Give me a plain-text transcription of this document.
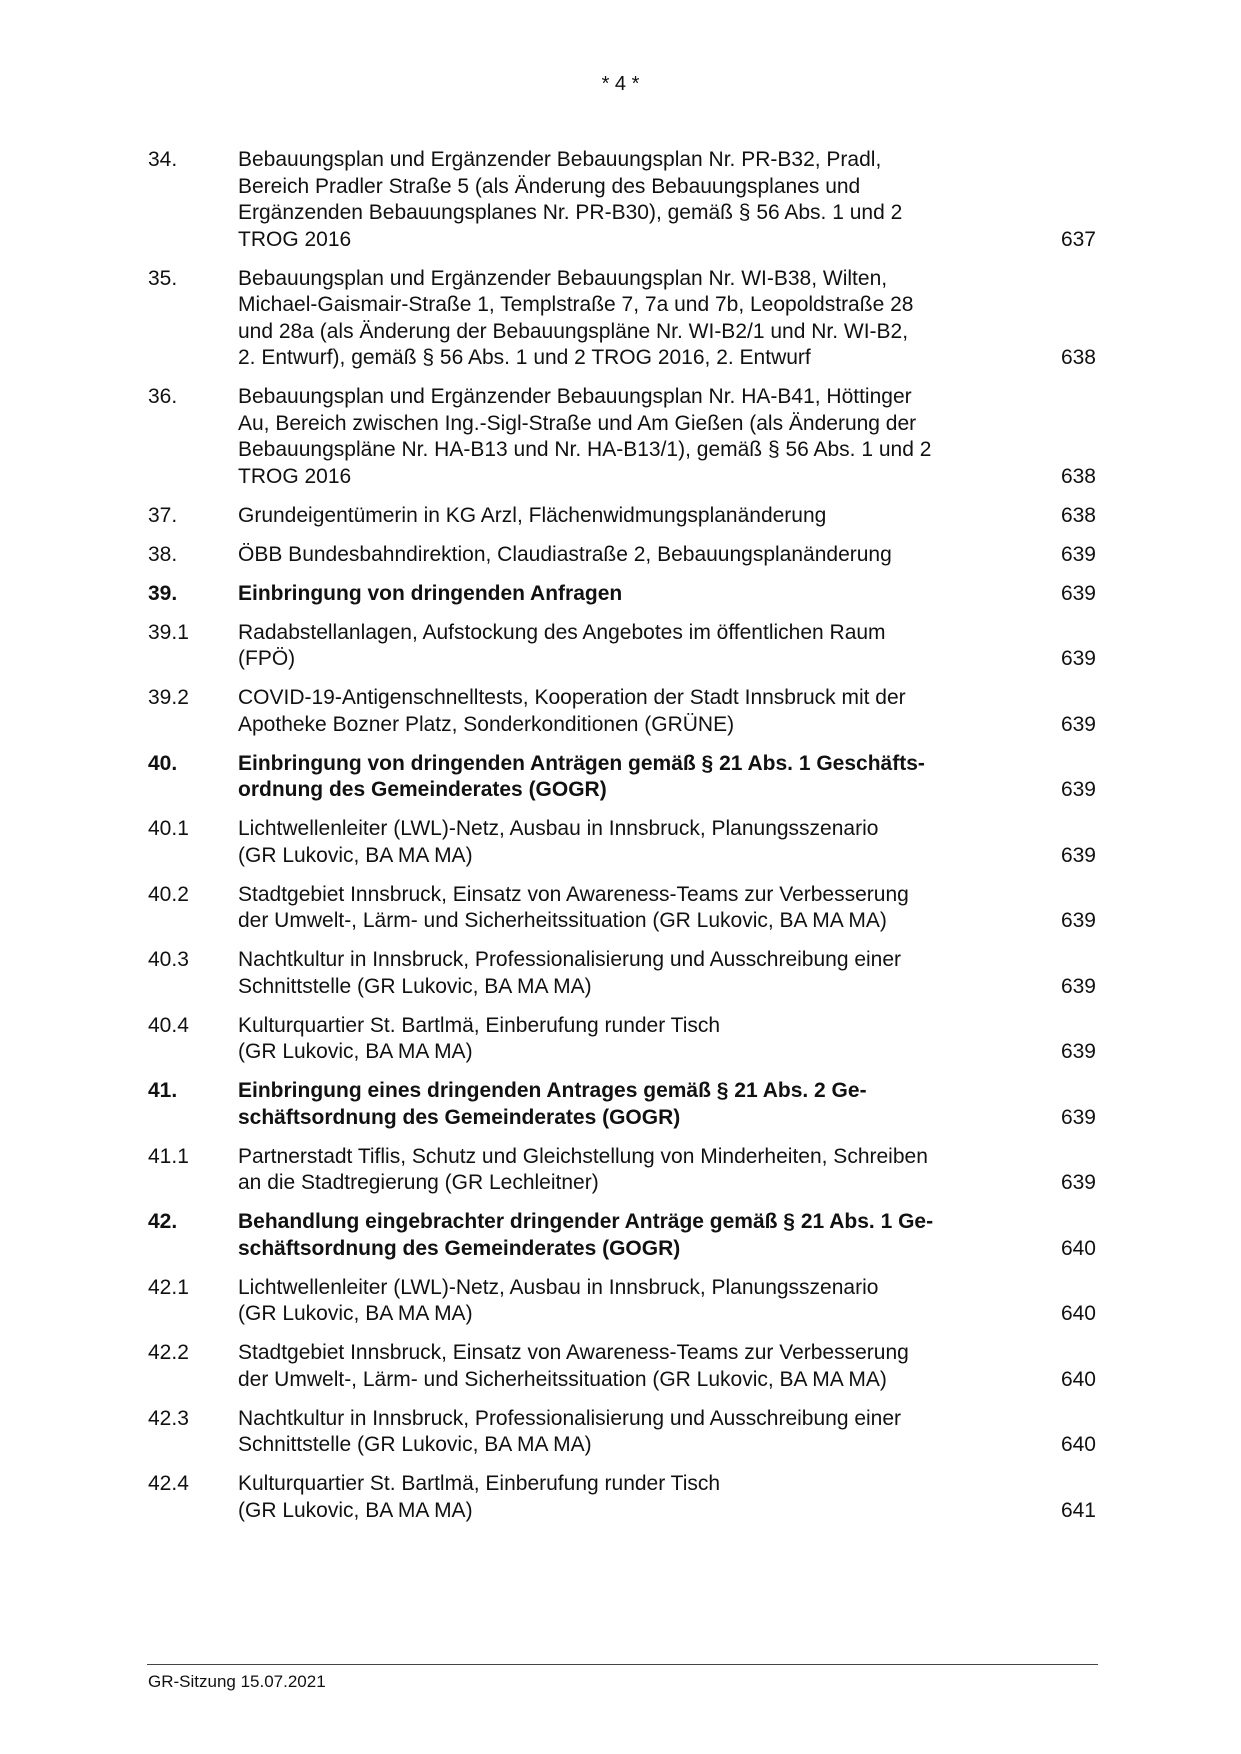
* 4 *
34.	Bebauungsplan und Ergänzender Bebauungsplan Nr. PR-B32, Pradl,
Bereich Pradler Straße 5 (als Änderung des Bebauungsplanes und
Ergänzenden Bebauungsplanes Nr. PR-B30), gemäß § 56 Abs. 1 und 2
TROG 2016	637
35.	Bebauungsplan und Ergänzender Bebauungsplan Nr. WI-B38, Wilten,
Michael-Gaismair-Straße 1, Templstraße 7, 7a und 7b, Leopoldstraße 28
und 28a (als Änderung der Bebauungspläne Nr. WI-B2/1 und Nr. WI-B2,
2. Entwurf), gemäß § 56 Abs. 1 und 2 TROG 2016, 2. Entwurf	638
36.	Bebauungsplan und Ergänzender Bebauungsplan Nr. HA-B41, Höttinger
Au, Bereich zwischen Ing.-Sigl-Straße und Am Gießen (als Änderung der
Bebauungspläne Nr. HA-B13 und Nr. HA-B13/1), gemäß § 56 Abs. 1 und 2
TROG 2016	638
37.	Grundeigentümerin in KG Arzl, Flächenwidmungsplanänderung	638
38.	ÖBB Bundesbahndirektion, Claudiastraße 2, Bebauungsplanänderung	639
39.	Einbringung von dringenden Anfragen	639
39.1	Radabstellanlagen, Aufstockung des Angebotes im öffentlichen Raum
(FPÖ)	639
39.2	COVID-19-Antigenschnelltests, Kooperation der Stadt Innsbruck mit der
Apotheke Bozner Platz, Sonderkonditionen (GRÜNE)	639
40.	Einbringung von dringenden Anträgen gemäß § 21 Abs. 1 Geschäfts-
ordnung des Gemeinderates (GOGR)	639
40.1	Lichtwellenleiter (LWL)-Netz, Ausbau in Innsbruck, Planungsszenario
(GR Lukovic, BA MA MA)	639
40.2	Stadtgebiet Innsbruck, Einsatz von Awareness-Teams zur Verbesserung
der Umwelt-, Lärm- und Sicherheitssituation (GR Lukovic, BA MA MA)	639
40.3	Nachtkultur in Innsbruck, Professionalisierung und Ausschreibung einer
Schnittstelle (GR Lukovic, BA MA MA)	639
40.4	Kulturquartier St. Bartlmä, Einberufung runder Tisch
(GR Lukovic, BA MA MA)	639
41.	Einbringung eines dringenden Antrages gemäß § 21 Abs. 2 Ge-
schäftsordnung des Gemeinderates (GOGR)	639
41.1	Partnerstadt Tiflis, Schutz und Gleichstellung von Minderheiten, Schreiben
an die Stadtregierung (GR Lechleitner)	639
42.	Behandlung eingebrachter dringender Anträge gemäß § 21 Abs. 1 Ge-
schäftsordnung des Gemeinderates (GOGR)	640
42.1	Lichtwellenleiter (LWL)-Netz, Ausbau in Innsbruck, Planungsszenario
(GR Lukovic, BA MA MA)	640
42.2	Stadtgebiet Innsbruck, Einsatz von Awareness-Teams zur Verbesserung
der Umwelt-, Lärm- und Sicherheitssituation (GR Lukovic, BA MA MA)	640
42.3	Nachtkultur in Innsbruck, Professionalisierung und Ausschreibung einer
Schnittstelle (GR Lukovic, BA MA MA)	640
42.4	Kulturquartier St. Bartlmä, Einberufung runder Tisch
(GR Lukovic, BA MA MA)	641
GR-Sitzung 15.07.2021
